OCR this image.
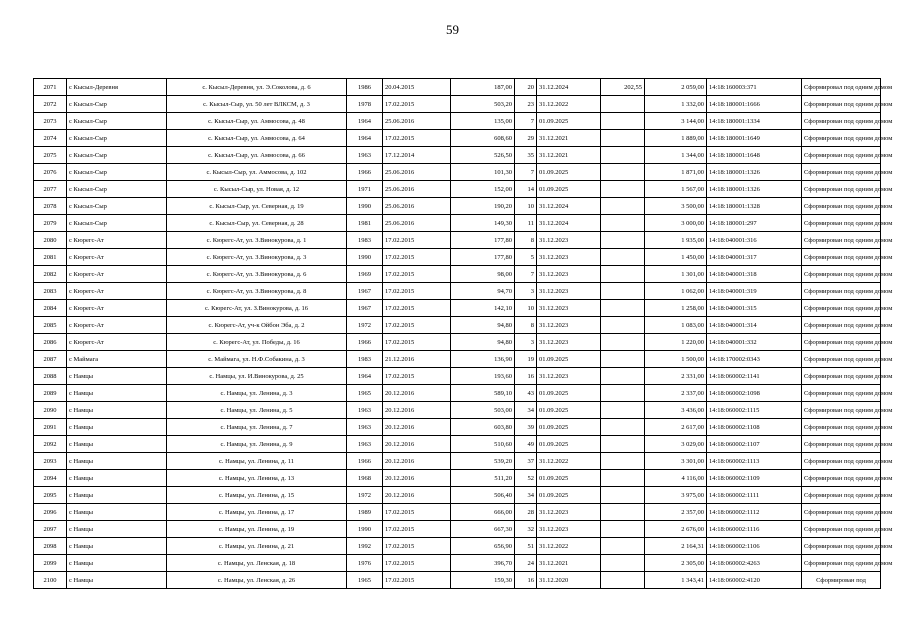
59
2071	с Кысыл-Деревня	с. Кысыл-Деревня, ул. Э.Соколова, д. 6	1986	20.04.2015	187,00	20	31.12.2024	202,55	2 059,00	14:18:160003:371	Сформировал под одним домом
2072	с Кысыл-Сыр	с. Кысыл-Сыр, ул. 50 лет ВЛКСМ, д. 3	1978	17.02.2015	503,20	23	31.12.2022		1 332,00	14:18:180001:1666	Сформирован под одним домом
2073	с Кысыл-Сыр	с. Кысыл-Сыр, ул. Аммосова, д. 48	1964	25.06.2016	135,00	7	01.09.2025		3 144,00	14:18:180001:1334	Сформирован под одним домом
2074	с Кысыл-Сыр	с. Кысыл-Сыр, ул. Аммосова, д. 64	1964	17.02.2015	608,60	29	31.12.2021		1 889,00	14:18:180001:1649	Сформирован под одним домом
2075	с Кысыл-Сыр	с. Кысыл-Сыр, ул. Аммосова, д. 66	1963	17.12.2014	526,50	35	31.12.2021		1 344,00	14:18:180001:1648	Сформирован под одним домом
2076	с Кысыл-Сыр	с. Кысыл-Сыр, ул. Аммосова, д. 102	1966	25.06.2016	101,30	7	01.09.2025		1 871,00	14:18:180001:1326	Сформирован под одним домом
2077	с Кысыл-Сыр	с. Кысыл-Сыр, ул. Новая, д. 12	1971	25.06.2016	152,00	14	01.09.2025		1 567,00	14:18:180001:1326	Сформирован под одним домом
2078	с Кысыл-Сыр	с. Кысыл-Сыр, ул. Северная, д. 19	1990	25.06.2016	190,20	10	31.12.2024		3 500,00	14:18:180001:1328	Сформирован под одним домом
2079	с Кысыл-Сыр	с. Кысыл-Сыр, ул. Северная, д. 28	1981	25.06.2016	149,30	11	31.12.2024		3 000,00	14:18:180001:297	Сформирован под одним домом
2080	с Кюрегс-Ат	с. Кюрегс-Ат, ул. З.Винокурова, д. 1	1983	17.02.2015	177,80	8	31.12.2023		1 935,00	14:18:040001:316	Сформирован под одним домом
2081	с Кюрегс-Ат	с. Кюрегс-Ат, ул. З.Винокурова, д. 3	1990	17.02.2015	177,80	5	31.12.2023		1 450,00	14:18:040001:317	Сформирован под одним домом
2082	с Кюрегс-Ат	с. Кюрегс-Ат, ул. З.Винокурова, д. 6	1969	17.02.2015	98,00	7	31.12.2023		1 301,00	14:18:040001:318	Сформирован под одним домом
2083	с Кюрегс-Ат	с. Кюрегс-Ат, ул. З.Винокурова, д. 8	1967	17.02.2015	94,70	3	31.12.2023		1 062,00	14:18:040001:319	Сформирован под одним домом
2084	с Кюрегс-Ат	с. Кюрегс-Ат, ул. З.Винокурова, д. 16	1967	17.02.2015	142,10	10	31.12.2023		1 258,00	14:18:040001:315	Сформирован под одним домом
2085	с Кюрегс-Ат	с. Кюрегс-Ат, уч-к Ойбон Эба, д. 2	1972	17.02.2015	94,80	8	31.12.2023		1 083,00	14:18:040001:314	Сформирован под одним домом
2086	с Кюрегс-Ат	с. Кюрегс-Ат, ул. Победы, д. 16	1966	17.02.2015	94,80	3	31.12.2023		1 220,00	14:18:040001:332	Сформирован под одним домом
2087	с Маймага	с. Маймага, ул. Н.Ф.Собакина, д. 3	1983	21.12.2016	136,90	19	01.09.2025		1 500,00	14:18:170002:0343	Сформирован под одним домом
2088	с Намцы	с. Намцы, ул. И.Винокурова, д. 25	1964	17.02.2015	193,60	16	31.12.2023		2 331,00	14:18:060002:1141	Сформирован под одним домом
2089	с Намцы	с. Намцы, ул. Ленина, д. 3	1965	20.12.2016	589,10	43	01.09.2025		2 337,00	14:18:060002:1098	Сформирован под одним домом
2090	с Намцы	с. Намцы, ул. Ленина, д. 5	1963	20.12.2016	503,00	34	01.09.2025		3 436,00	14:18:060002:1115	Сформирован под одним домом
2091	с Намцы	с. Намцы, ул. Ленина, д. 7	1963	20.12.2016	603,80	39	01.09.2025		2 617,00	14:18:060002:1108	Сформирован под одним домом
2092	с Намцы	с. Намцы, ул. Ленина, д. 9	1963	20.12.2016	510,60	49	01.09.2025		3 029,00	14:18:060002:1107	Сформирован под одним домом
2093	с Намцы	с. Намцы, ул. Ленина, д. 11	1966	20.12.2016	539,20	37	31.12.2022		3 301,00	14:18:060002:1113	Сформирован под одним домом
2094	с Намцы	с. Намцы, ул. Ленина, д. 13	1968	20.12.2016	511,20	52	01.09.2025		4 116,00	14:18:060002:1109	Сформирован под одним домом
2095	с Намцы	с. Намцы, ул. Ленина, д. 15	1972	20.12.2016	506,40	34	01.09.2025		3 975,00	14:18:060002:1111	Сформирован под одним домом
2096	с Намцы	с. Намцы, ул. Ленина, д. 17	1989	17.02.2015	666,00	28	31.12.2023		2 357,00	14:18:060002:1112	Сформирован под одним домом
2097	с Намцы	с. Намцы, ул. Ленина, д. 19	1990	17.02.2015	667,30	32	31.12.2023		2 676,00	14:18:060002:1116	Сформирован под одним домом
2098	с Намцы	с. Намцы, ул. Ленина, д. 21	1992	17.02.2015	656,90	51	31.12.2022		2 164,31	14:18:060002:1106	Сформирован под одним домом
2099	с Намцы	с. Намцы, ул. Ленская, д. 18	1976	17.02.2015	396,70	24	31.12.2021		2 305,00	14:18:060002:4263	Сформирован под одним домом
2100	с Намцы	с. Намцы, ул. Ленская, д. 26	1965	17.02.2015	159,30	16	31.12.2020		1 343,41	14:18:060002:4120	Сформирован под
